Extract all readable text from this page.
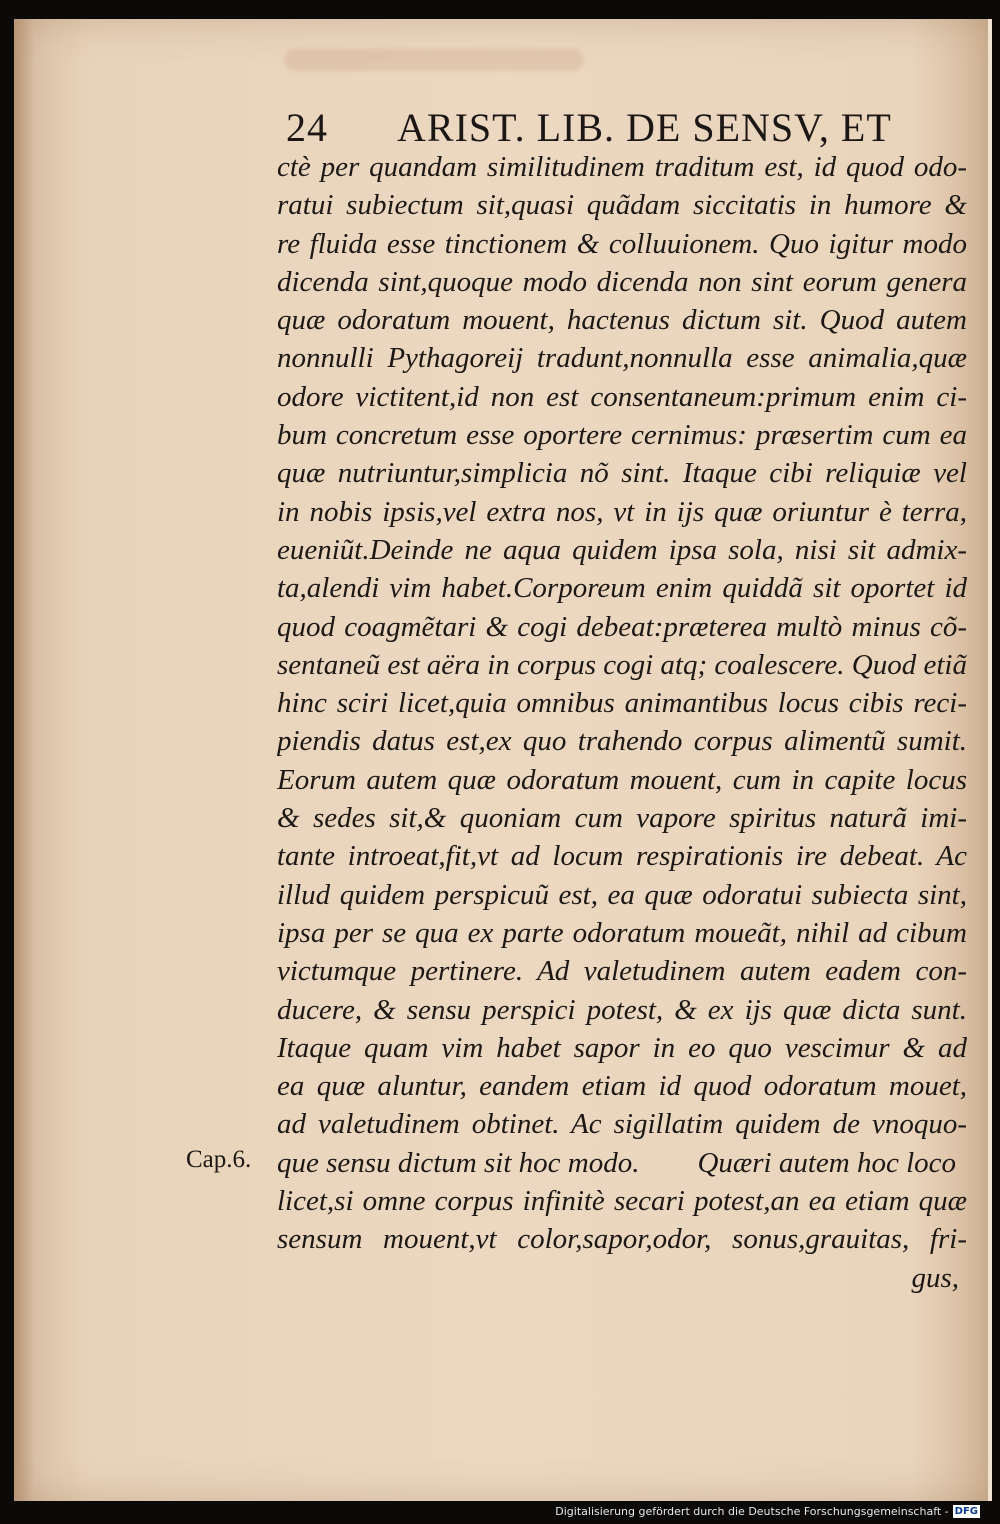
24 ARIST. LIB. DE SENSV, ET
ctè per quandam similitudinem traditum est, id quod odo-
ratui subiectum sit,quasi quãdam siccitatis in humore &
re fluida esse tinctionem & colluuionem. Quo igitur modo
dicenda sint,quoque modo dicenda non sint eorum genera
quæ odoratum mouent, hactenus dictum sit. Quod autem
nonnulli Pythagoreij tradunt,nonnulla esse animalia,quæ
odore victitent,id non est consentaneum:primum enim ci-
bum concretum esse oportere cernimus: præsertim cum ea
quæ nutriuntur,simplicia nõ sint. Itaque cibi reliquiæ vel
in nobis ipsis,vel extra nos, vt in ijs quæ oriuntur è terra,
eueniũt.Deinde ne aqua quidem ipsa sola, nisi sit admix-
ta,alendi vim habet.Corporeum enim quiddã sit oportet id
quod coagmẽtari & cogi debeat:præterea multò minus cõ-
sentaneũ est aëra in corpus cogi atq; coalescere. Quod etiã
hinc sciri licet,quia omnibus animantibus locus cibis reci-
piendis datus est,ex quo trahendo corpus alimentũ sumit.
Eorum autem quæ odoratum mouent, cum in capite locus
& sedes sit,& quoniam cum vapore spiritus naturã imi-
tante introeat,fit,vt ad locum respirationis ire debeat. Ac
illud quidem perspicuũ est, ea quæ odoratui subiecta sint,
ipsa per se qua ex parte odoratum moueãt, nihil ad cibum
victumque pertinere. Ad valetudinem autem eadem con-
ducere, & sensu perspici potest, & ex ijs quæ dicta sunt.
Itaque quam vim habet sapor in eo quo vescimur & ad
ea quæ aluntur, eandem etiam id quod odoratum mouet,
ad valetudinem obtinet. Ac sigillatim quidem de vnoquo-
que sensu dictum sit hoc modo.        Quæri autem hoc loco
licet,si omne corpus infinitè secari potest,an ea etiam quæ
sensum mouent,vt color,sapor,odor, sonus,grauitas, fri-
gus,
Cap.6.
Digitalisierung gefördert durch die Deutsche Forschungsgemeinschaft - DFG
